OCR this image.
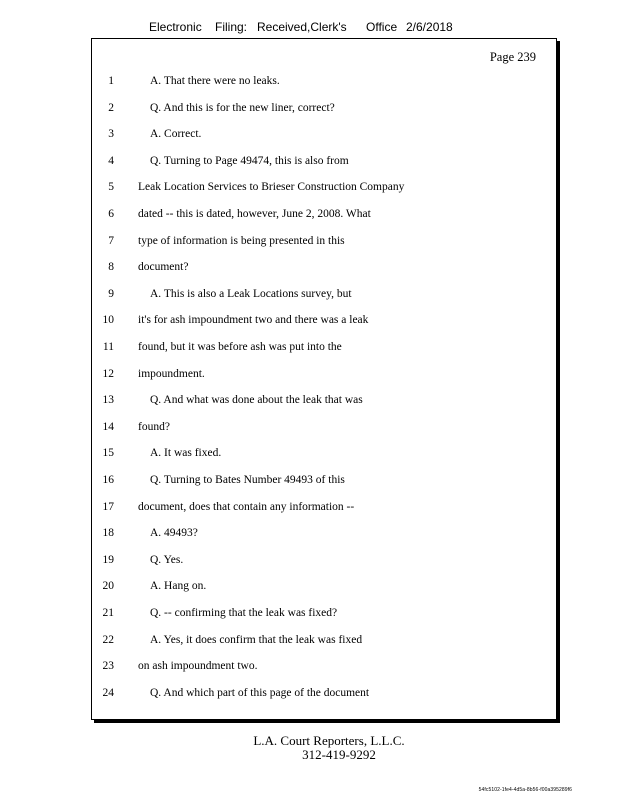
Electronic Filing: Received,Clerk's Office 2/6/2018
Page 239
1	A. That there were no leaks.
2	Q. And this is for the new liner, correct?
3	A. Correct.
4	Q. Turning to Page 49474, this is also from
5 Leak Location Services to Brieser Construction Company
6 dated -- this is dated, however, June 2, 2008. What
7 type of information is being presented in this
8 document?
9	A. This is also a Leak Locations survey, but
10 it's for ash impoundment two and there was a leak
11 found, but it was before ash was put into the
12 impoundment.
13	Q. And what was done about the leak that was
14 found?
15	A. It was fixed.
16	Q. Turning to Bates Number 49493 of this
17 document, does that contain any information --
18	A. 49493?
19	Q. Yes.
20	A. Hang on.
21	Q. -- confirming that the leak was fixed?
22	A. Yes, it does confirm that the leak was fixed
23 on ash impoundment two.
24	Q. And which part of this page of the document
L.A. Court Reporters, L.L.C.
312-419-9292
54fc5102-1fe4-4d5a-8b56-f00a395289f6
